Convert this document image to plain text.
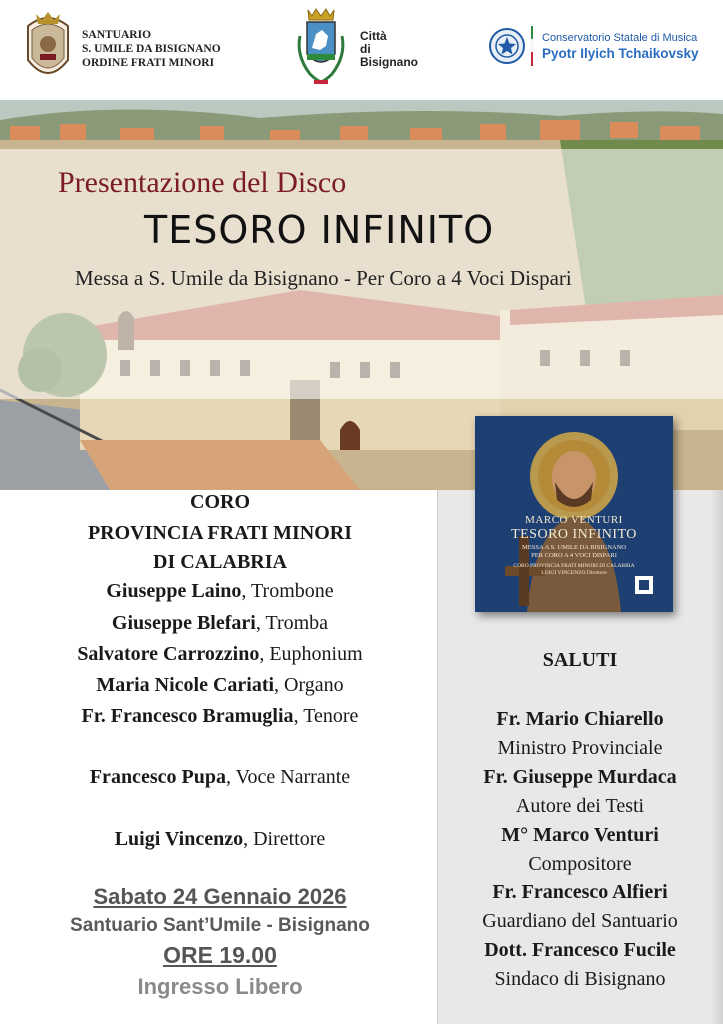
SANTUARIO
S. UMILE DA BISIGNANO
ORDINE FRATI MINORI
Città
di
Bisignano
Conservatorio Statale di Musica
Pyotr Ilyich Tchaikovsky
Presentazione del Disco
TESORO INFINITO
Messa a S. Umile da Bisignano - Per Coro a 4 Voci Dispari
MARCO VENTURI
TESORO INFINITO
MESSA A S. UMILE DA BISIGNANO
PER CORO A 4 VOCI DISPARI
CORO PROVINCIA FRATI MINORI DI CALABRIA
LUIGI VINCENZO Direttore
CORO
PROVINCIA FRATI MINORI
DI CALABRIA
Giuseppe Laino, Trombone
Giuseppe Blefari, Tromba
Salvatore Carrozzino, Euphonium
Maria Nicole Cariati, Organo
Fr. Francesco Bramuglia, Tenore
Francesco Pupa, Voce Narrante
Luigi Vincenzo, Direttore
Sabato 24 Gennaio 2026
Santuario Sant’Umile - Bisignano
ORE 19.00
Ingresso Libero
SALUTI
Fr. Mario Chiarello
Ministro Provinciale
Fr. Giuseppe Murdaca
Autore dei Testi
M° Marco Venturi
Compositore
Fr. Francesco Alfieri
Guardiano del Santuario
Dott. Francesco Fucile
Sindaco di Bisignano
